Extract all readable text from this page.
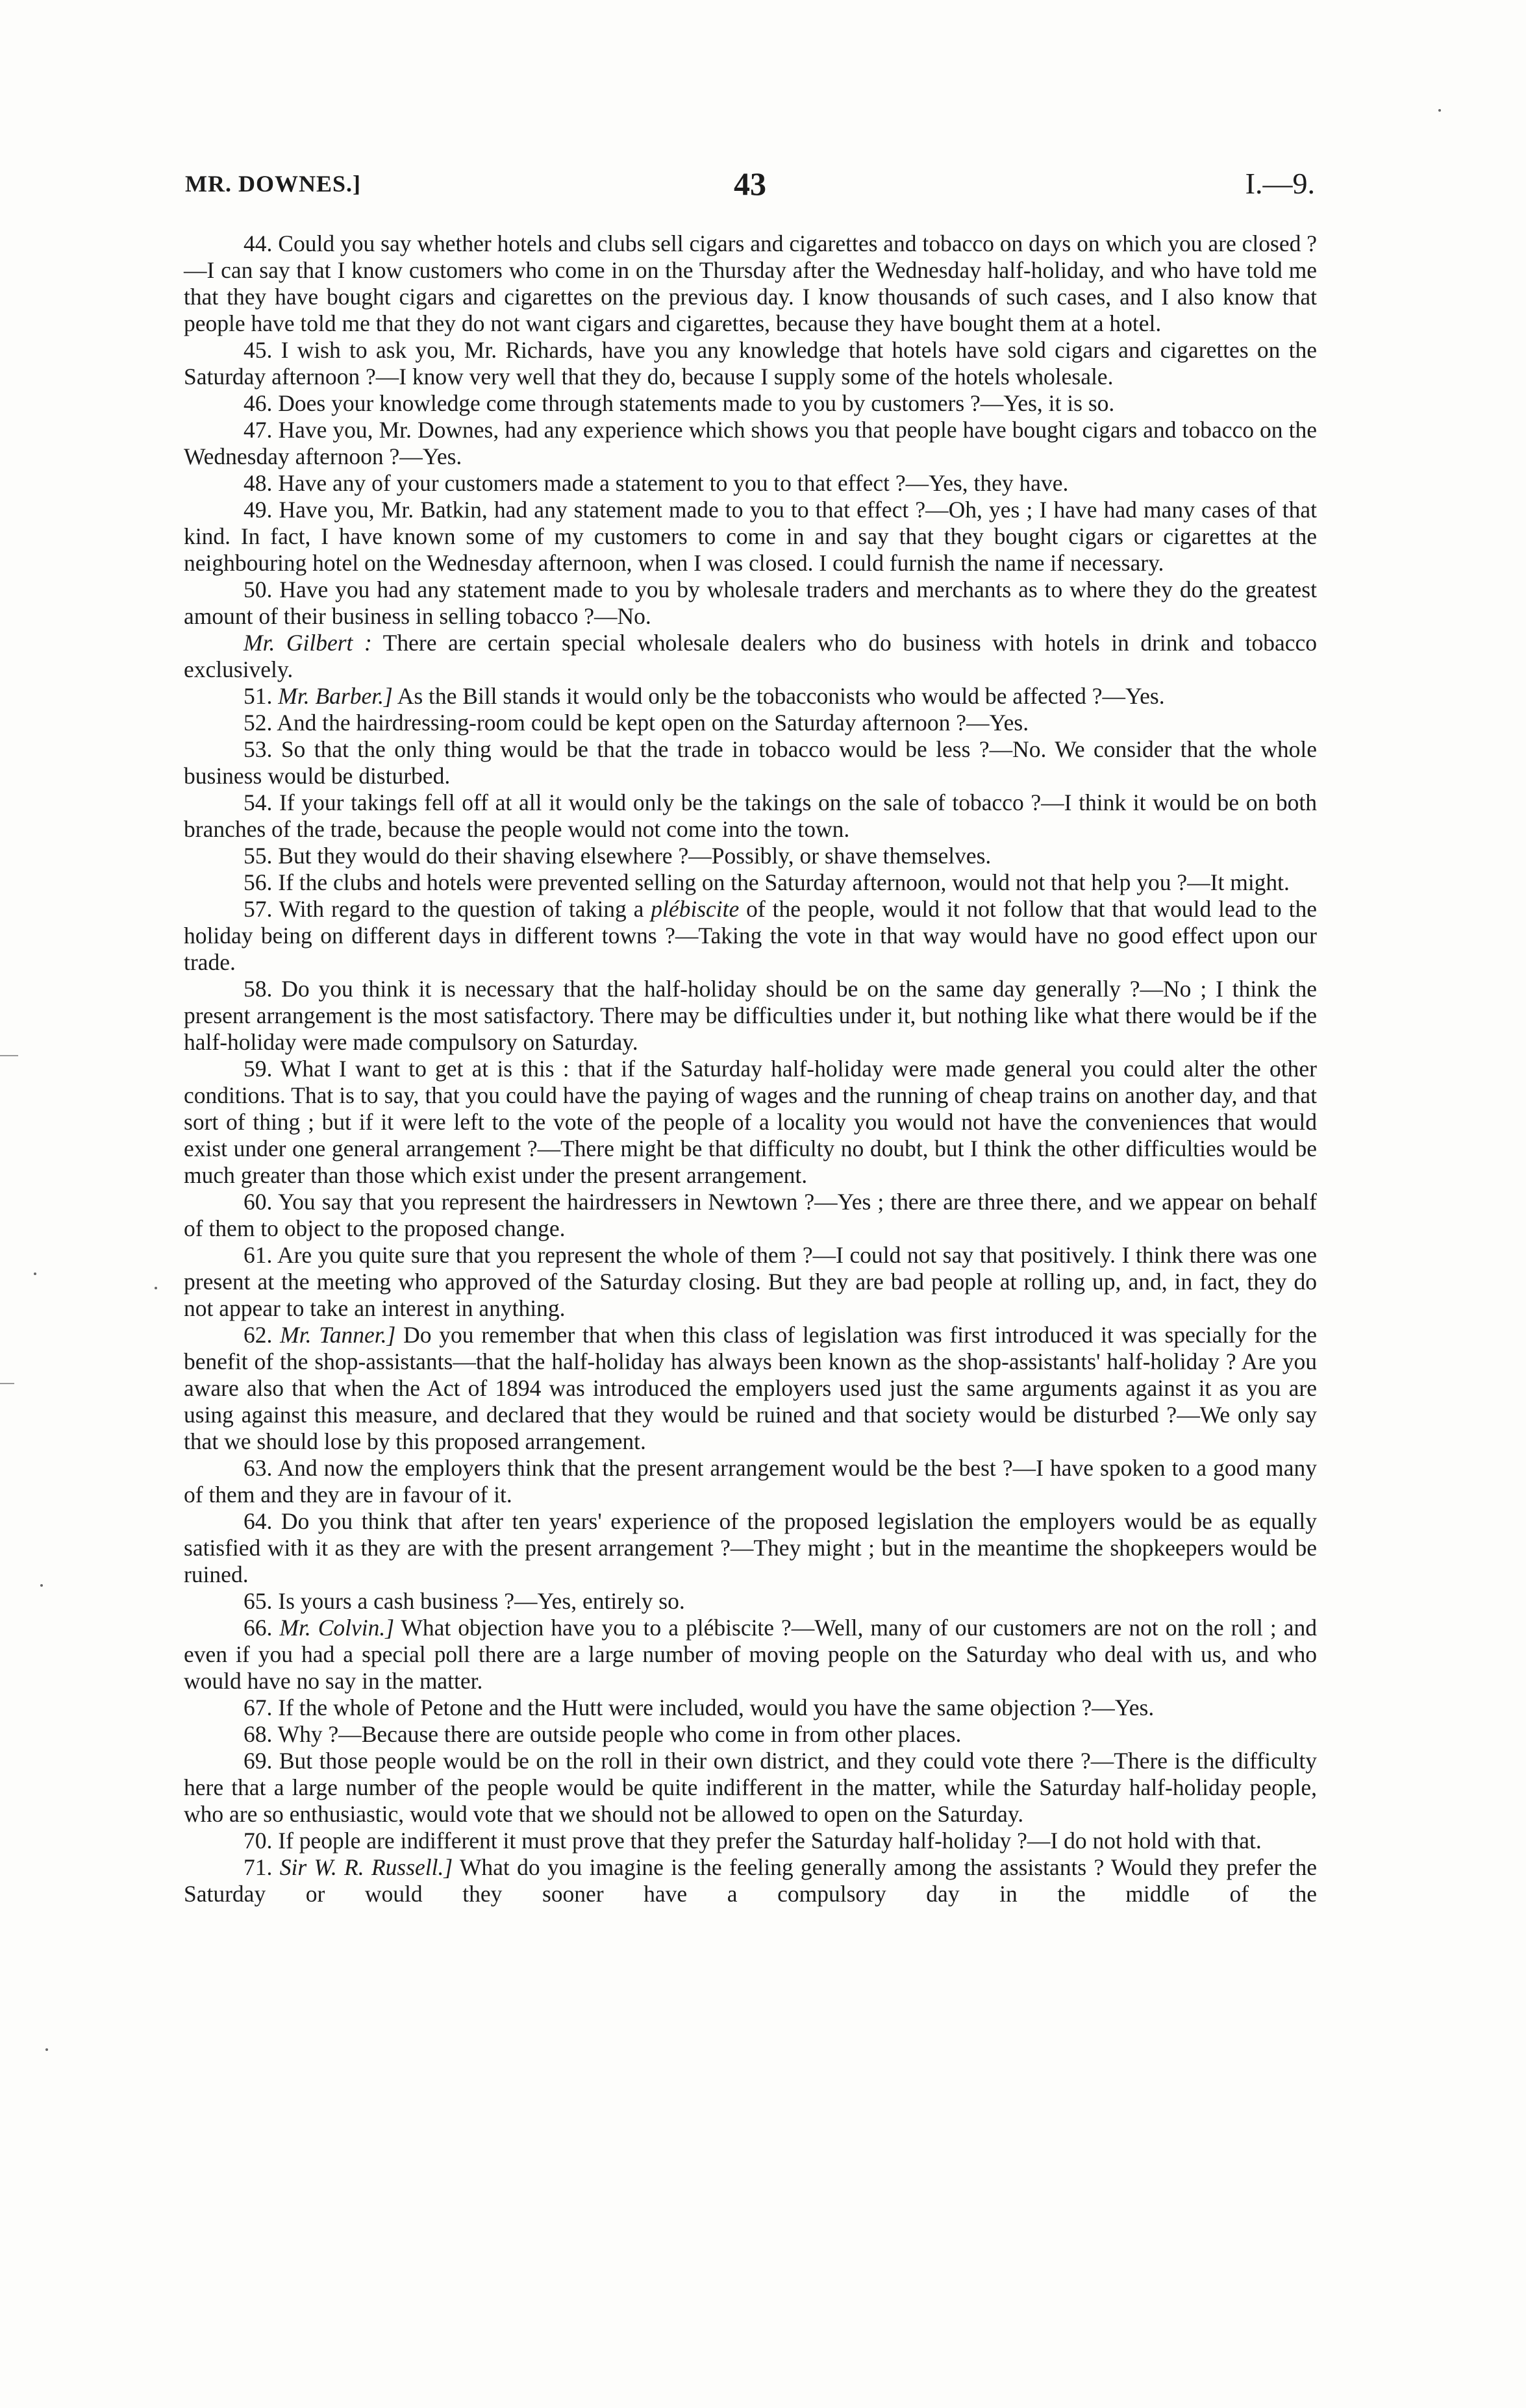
MR. DOWNES.]	43	I.—9.

44. Could you say whether hotels and clubs sell cigars and cigarettes and tobacco on days on which you are closed ?—I can say that I know customers who come in on the Thursday after the Wednesday half-holiday, and who have told me that they have bought cigars and cigarettes on the previous day. I know thousands of such cases, and I also know that people have told me that they do not want cigars and cigarettes, because they have bought them at a hotel.

45. I wish to ask you, Mr. Richards, have you any knowledge that hotels have sold cigars and cigarettes on the Saturday afternoon ?—I know very well that they do, because I supply some of the hotels wholesale.

46. Does your knowledge come through statements made to you by customers ?—Yes, it is so.

47. Have you, Mr. Downes, had any experience which shows you that people have bought cigars and tobacco on the Wednesday afternoon ?—Yes.

48. Have any of your customers made a statement to you to that effect ?—Yes, they have.

49. Have you, Mr. Batkin, had any statement made to you to that effect ?—Oh, yes ; I have had many cases of that kind. In fact, I have known some of my customers to come in and say that they bought cigars or cigarettes at the neighbouring hotel on the Wednesday afternoon, when I was closed. I could furnish the name if necessary.

50. Have you had any statement made to you by wholesale traders and merchants as to where they do the greatest amount of their business in selling tobacco ?—No.

Mr. Gilbert : There are certain special wholesale dealers who do business with hotels in drink and tobacco exclusively.

51. Mr. Barber.] As the Bill stands it would only be the tobacconists who would be affected ?—Yes.

52. And the hairdressing-room could be kept open on the Saturday afternoon ?—Yes.

53. So that the only thing would be that the trade in tobacco would be less ?—No. We consider that the whole business would be disturbed.

54. If your takings fell off at all it would only be the takings on the sale of tobacco ?—I think it would be on both branches of the trade, because the people would not come into the town.

55. But they would do their shaving elsewhere ?—Possibly, or shave themselves.

56. If the clubs and hotels were prevented selling on the Saturday afternoon, would not that help you ?—It might.

57. With regard to the question of taking a plébiscite of the people, would it not follow that that would lead to the holiday being on different days in different towns ?—Taking the vote in that way would have no good effect upon our trade.

58. Do you think it is necessary that the half-holiday should be on the same day generally ?—No ; I think the present arrangement is the most satisfactory. There may be difficulties under it, but nothing like what there would be if the half-holiday were made compulsory on Saturday.

59. What I want to get at is this : that if the Saturday half-holiday were made general you could alter the other conditions. That is to say, that you could have the paying of wages and the running of cheap trains on another day, and that sort of thing ; but if it were left to the vote of the people of a locality you would not have the conveniences that would exist under one general arrangement ?—There might be that difficulty no doubt, but I think the other difficulties would be much greater than those which exist under the present arrangement.

60. You say that you represent the hairdressers in Newtown ?—Yes ; there are three there, and we appear on behalf of them to object to the proposed change.

61. Are you quite sure that you represent the whole of them ?—I could not say that positively. I think there was one present at the meeting who approved of the Saturday closing. But they are bad people at rolling up, and, in fact, they do not appear to take an interest in anything.

62. Mr. Tanner.] Do you remember that when this class of legislation was first introduced it was specially for the benefit of the shop-assistants—that the half-holiday has always been known as the shop-assistants' half-holiday ? Are you aware also that when the Act of 1894 was introduced the employers used just the same arguments against it as you are using against this measure, and declared that they would be ruined and that society would be disturbed ?—We only say that we should lose by this proposed arrangement.

63. And now the employers think that the present arrangement would be the best ?—I have spoken to a good many of them and they are in favour of it.

64. Do you think that after ten years' experience of the proposed legislation the employers would be as equally satisfied with it as they are with the present arrangement ?—They might ; but in the meantime the shopkeepers would be ruined.

65. Is yours a cash business ?—Yes, entirely so.

66. Mr. Colvin.] What objection have you to a plébiscite ?—Well, many of our customers are not on the roll ; and even if you had a special poll there are a large number of moving people on the Saturday who deal with us, and who would have no say in the matter.

67. If the whole of Petone and the Hutt were included, would you have the same objection ?—Yes.

68. Why ?—Because there are outside people who come in from other places.

69. But those people would be on the roll in their own district, and they could vote there ?—There is the difficulty here that a large number of the people would be quite indifferent in the matter, while the Saturday half-holiday people, who are so enthusiastic, would vote that we should not be allowed to open on the Saturday.

70. If people are indifferent it must prove that they prefer the Saturday half-holiday ?—I do not hold with that.

71. Sir W. R. Russell.] What do you imagine is the feeling generally among the assistants ? Would they prefer the Saturday or would they sooner have a compulsory day in the middle of the
